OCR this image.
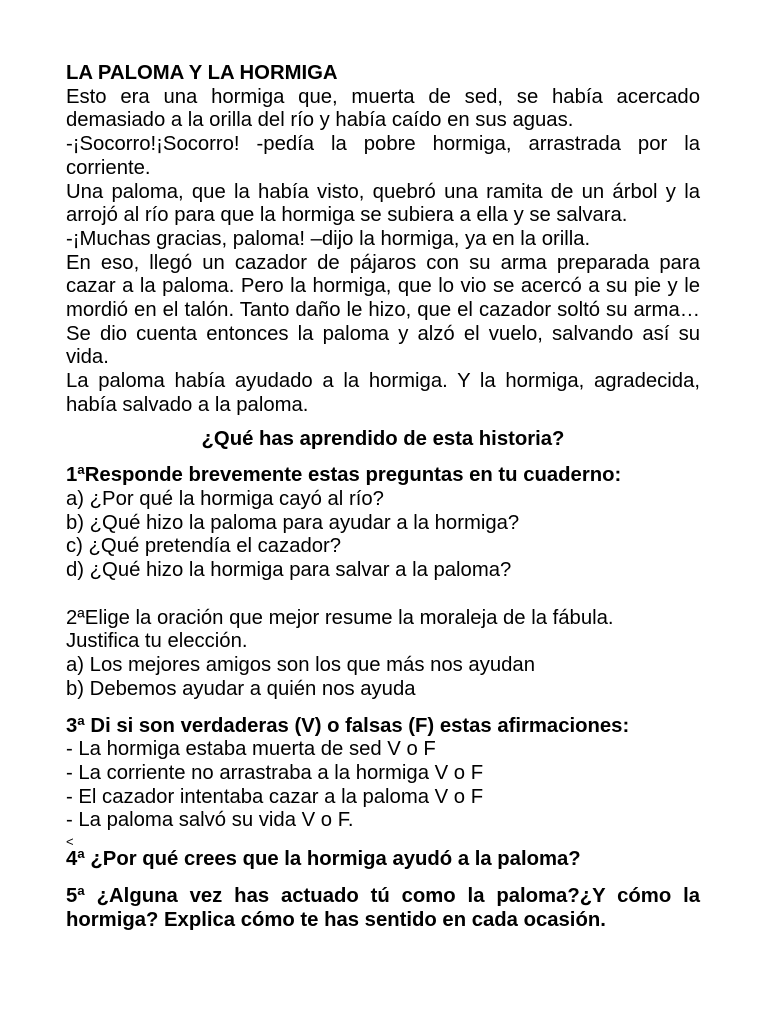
LA PALOMA Y LA HORMIGA

Esto era una hormiga que, muerta de sed, se había acercado demasiado a la orilla del río y había caído en sus aguas.

-¡Socorro!¡Socorro! -pedía la pobre hormiga, arrastrada por la corriente.

Una paloma, que la había visto, quebró una ramita de un árbol y la arrojó al río para que la hormiga se subiera a ella y se salvara.

-¡Muchas gracias, paloma! –dijo la hormiga, ya en la orilla.

En eso, llegó un cazador de pájaros con su arma preparada para cazar a la paloma. Pero la hormiga, que lo vio se acercó a su pie y le mordió en el talón. Tanto daño le hizo, que el cazador soltó su arma…Se dio cuenta entonces la paloma y alzó el vuelo, salvando así su vida.

La paloma había ayudado a la hormiga. Y la hormiga, agradecida, había salvado a la paloma.

¿Qué has aprendido de esta historia?

1ªResponde brevemente estas preguntas en tu cuaderno:

a) ¿Por qué la hormiga cayó al río?

b) ¿Qué hizo la paloma para ayudar a la hormiga?

c) ¿Qué pretendía el cazador?

d) ¿Qué hizo la hormiga para salvar a la paloma?

2ªElige la oración que mejor resume la moraleja de la fábula.

Justifica tu elección.

a) Los mejores amigos son los que más nos ayudan

b) Debemos ayudar a quién nos ayuda

3ª Di si son verdaderas (V) o falsas (F) estas afirmaciones:

- La hormiga estaba muerta de sed V o F

- La corriente no arrastraba a la hormiga V o F

- El cazador intentaba cazar a la paloma V o F

- La paloma salvó su vida V o F.

<

4ª ¿Por qué crees que la hormiga ayudó a la paloma?

5ª ¿Alguna vez has actuado tú como la paloma?¿Y cómo la hormiga? Explica cómo te has sentido en cada ocasión.
